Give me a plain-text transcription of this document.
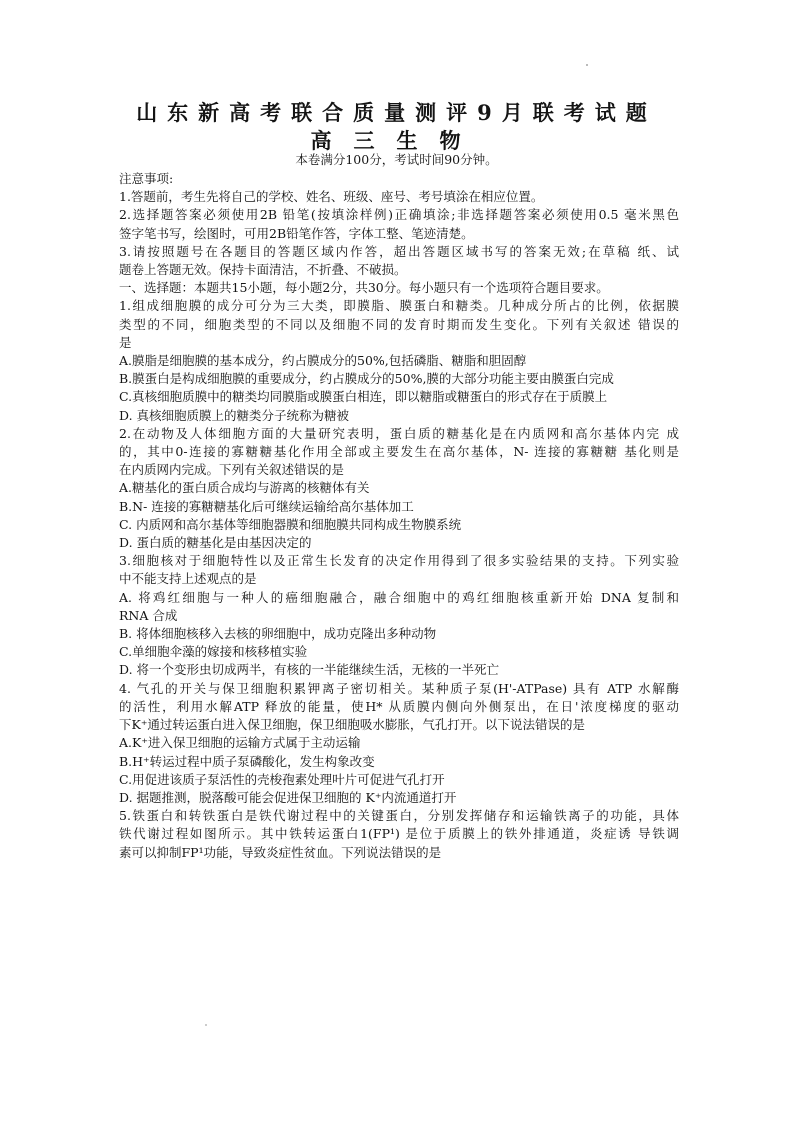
山东新高考联合质量测评9月联考试题
高三生物
本卷满分100分，考试时间90分钟。
注意事项:
1.答题前，考生先将自己的学校、姓名、班级、座号、考号填涂在相应位置。
2.选择题答案必须使用2B 铅笔(按填涂样例)正确填涂;非选择题答案必须使用0.5 毫米黑色
签字笔书写，绘图时，可用2B铅笔作答，字体工整、笔迹清楚。
3.请按照题号在各题目的答题区域内作答，超出答题区域书写的答案无效;在草稿 纸、试
题卷上答题无效。保持卡面清洁，不折叠、不破损。
一、选择题：本题共15小题，每小题2分，共30分。每小题只有一个选项符合题目要求。
1.组成细胞膜的成分可分为三大类，即膜脂、膜蛋白和糖类。几种成分所占的比例，依据膜
类型的不同，细胞类型的不同以及细胞不同的发育时期而发生变化。下列有关叙述 错误的
是
A.膜脂是细胞膜的基本成分，约占膜成分的50%,包括磷脂、糖脂和胆固醇
B.膜蛋白是构成细胞膜的重要成分，约占膜成分的50%,膜的大部分功能主要由膜蛋白完成
C.真核细胞质膜中的糖类均同膜脂或膜蛋白相连，即以糖脂或糖蛋白的形式存在于质膜上
D. 真核细胞质膜上的糖类分子统称为糖被
2.在动物及人体细胞方面的大量研究表明，蛋白质的糖基化是在内质网和高尔基体内完 成
的，其中0-连接的寡糖糖基化作用全部或主要发生在高尔基体，N- 连接的寡糖糖 基化则是
在内质网内完成。下列有关叙述错误的是
A.糖基化的蛋白质合成均与游离的核糖体有关
B.N- 连接的寡糖糖基化后可继续运输给高尔基体加工
C. 内质网和高尔基体等细胞器膜和细胞膜共同构成生物膜系统
D. 蛋白质的糖基化是由基因决定的
3.细胞核对于细胞特性以及正常生长发育的决定作用得到了很多实验结果的支持。下列实验
中不能支持上述观点的是
A. 将鸡红细胞与一种人的癌细胞融合，融合细胞中的鸡红细胞核重新开始 DNA 复制和
RNA 合成
B. 将体细胞核移入去核的卵细胞中，成功克隆出多种动物
C.单细胞伞藻的嫁接和核移植实验
D. 将一个变形虫切成两半，有核的一半能继续生活，无核的一半死亡
4. 气孔的开关与保卫细胞积累钾离子密切相关。某种质子泵(H'-ATPase) 具有 ATP 水解酶
的活性，利用水解ATP 释放的能量，使H* 从质膜内侧向外侧泵出，在日'浓度梯度的驱动
下K⁺通过转运蛋白进入保卫细胞，保卫细胞吸水膨胀，气孔打开。以下说法错误的是
A.K⁺进入保卫细胞的运输方式属于主动运输
B.H⁺转运过程中质子泵磷酸化，发生构象改变
C.用促进该质子泵活性的壳梭孢素处理叶片可促进气孔打开
D. 据题推测，脱落酸可能会促进保卫细胞的 K⁺内流通道打开
5.铁蛋白和转铁蛋白是铁代谢过程中的关键蛋白，分别发挥储存和运输铁离子的功能，具体
铁代谢过程如图所示。其中铁转运蛋白1(FP¹) 是位于质膜上的铁外排通道，炎症诱 导铁调
素可以抑制FP¹功能，导致炎症性贫血。下列说法错误的是
